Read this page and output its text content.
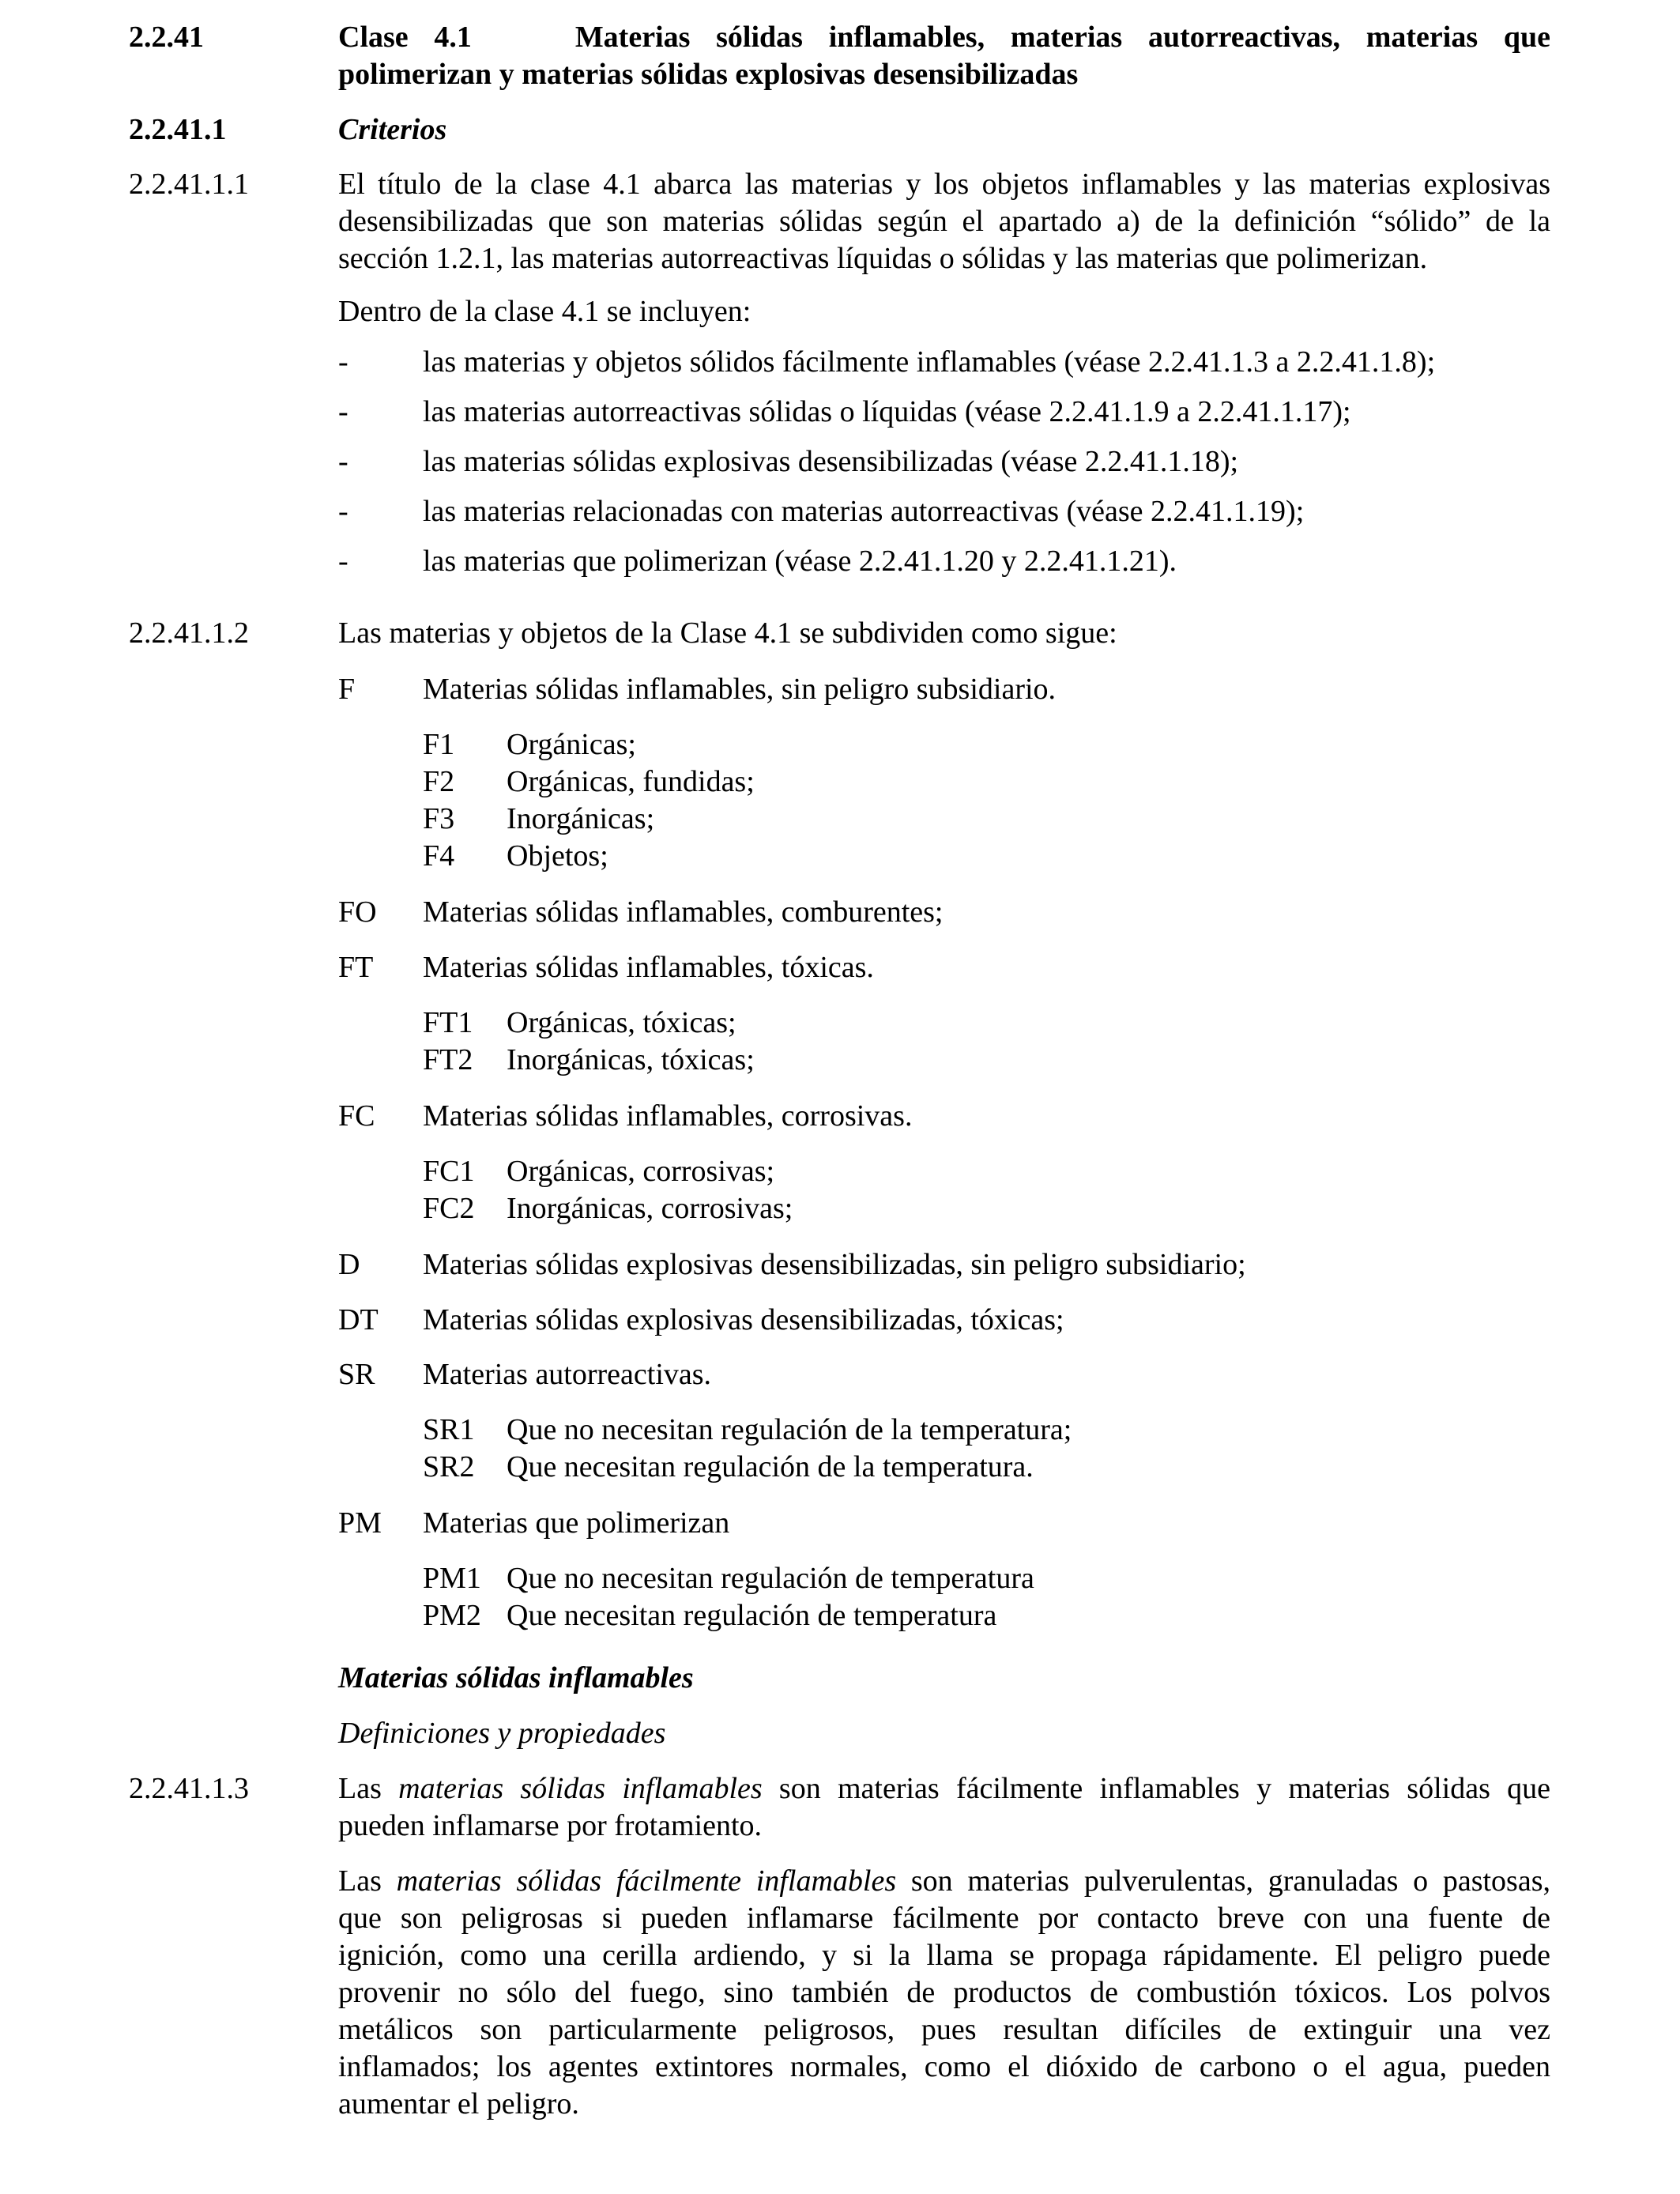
2.2.41	Clase 4.1	Materias sólidas inflamables, materias autorreactivas, materias que
polimerizan y materias sólidas explosivas desensibilizadas
2.2.41.1	Criterios
2.2.41.1.1	El título de la clase 4.1 abarca las materias y los objetos inflamables y las materias explosivas
desensibilizadas que son materias sólidas según el apartado a) de la definición “sólido” de la
sección 1.2.1, las materias autorreactivas líquidas o sólidas y las materias que polimerizan.
Dentro de la clase 4.1 se incluyen:
- las materias y objetos sólidos fácilmente inflamables (véase 2.2.41.1.3 a 2.2.41.1.8);
- las materias autorreactivas sólidas o líquidas (véase 2.2.41.1.9 a 2.2.41.1.17);
- las materias sólidas explosivas desensibilizadas (véase 2.2.41.1.18);
- las materias relacionadas con materias autorreactivas (véase 2.2.41.1.19);
- las materias que polimerizan (véase 2.2.41.1.20 y 2.2.41.1.21).
2.2.41.1.2	Las materias y objetos de la Clase 4.1 se subdividen como sigue:
F Materias sólidas inflamables, sin peligro subsidiario.
F1 Orgánicas;
F2 Orgánicas, fundidas;
F3 Inorgánicas;
F4 Objetos;
FO Materias sólidas inflamables, comburentes;
FT Materias sólidas inflamables, tóxicas.
FT1 Orgánicas, tóxicas;
FT2 Inorgánicas, tóxicas;
FC Materias sólidas inflamables, corrosivas.
FC1 Orgánicas, corrosivas;
FC2 Inorgánicas, corrosivas;
D Materias sólidas explosivas desensibilizadas, sin peligro subsidiario;
DT Materias sólidas explosivas desensibilizadas, tóxicas;
SR Materias autorreactivas.
SR1 Que no necesitan regulación de la temperatura;
SR2 Que necesitan regulación de la temperatura.
PM Materias que polimerizan
PM1 Que no necesitan regulación de temperatura
PM2 Que necesitan regulación de temperatura
Materias sólidas inflamables
Definiciones y propiedades
2.2.41.1.3	Las materias sólidas inflamables son materias fácilmente inflamables y materias sólidas que
pueden inflamarse por frotamiento.
Las materias sólidas fácilmente inflamables son materias pulverulentas, granuladas o pastosas,
que son peligrosas si pueden inflamarse fácilmente por contacto breve con una fuente de
ignición, como una cerilla ardiendo, y si la llama se propaga rápidamente. El peligro puede
provenir no sólo del fuego, sino también de productos de combustión tóxicos. Los polvos
metálicos son particularmente peligrosos, pues resultan difíciles de extinguir una vez
inflamados; los agentes extintores normales, como el dióxido de carbono o el agua, pueden
aumentar el peligro.
